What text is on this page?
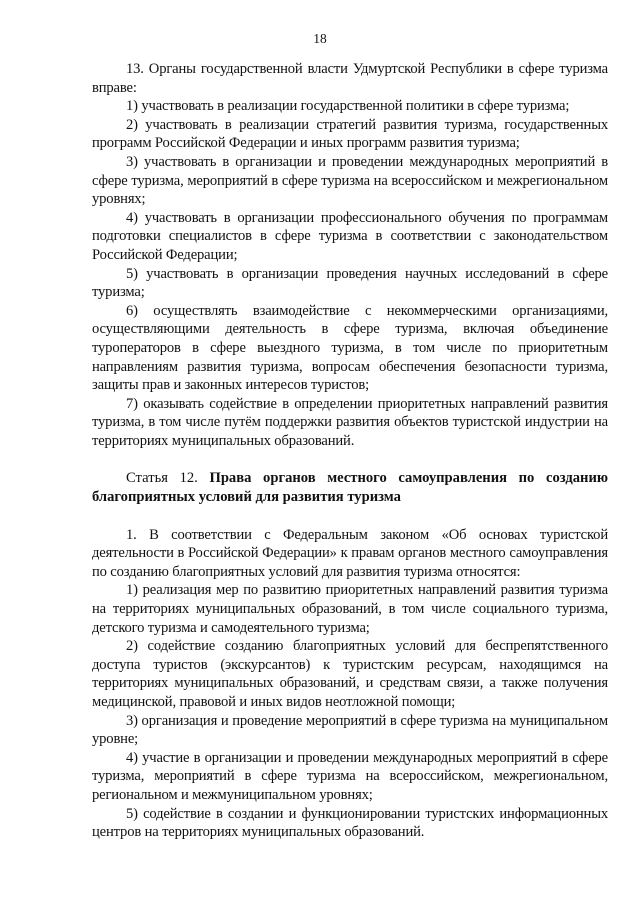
18

13. Органы государственной власти Удмуртской Республики в сфере туризма вправе:

1) участвовать в реализации государственной политики в сфере туризма;

2) участвовать в реализации стратегий развития туризма, государственных программ Российской Федерации и иных программ развития туризма;

3) участвовать в организации и проведении международных мероприятий в сфере туризма, мероприятий в сфере туризма на всероссийском и межрегиональном уровнях;

4) участвовать в организации профессионального обучения по программам подготовки специалистов в сфере туризма в соответствии с законодательством Российской Федерации;

5) участвовать в организации проведения научных исследований в сфере туризма;

6) осуществлять взаимодействие с некоммерческими организациями, осуществляющими деятельность в сфере туризма, включая объединение туроператоров в сфере выездного туризма, в том числе по приоритетным направлениям развития туризма, вопросам обеспечения безопасности туризма, защиты прав и законных интересов туристов;

7) оказывать содействие в определении приоритетных направлений развития туризма, в том числе путём поддержки развития объектов туристской индустрии на территориях муниципальных образований.

Статья 12. Права органов местного самоуправления по созданию благоприятных условий для развития туризма

1. В соответствии с Федеральным законом «Об основах туристской деятельности в Российской Федерации» к правам органов местного самоуправления по созданию благоприятных условий для развития туризма относятся:

1) реализация мер по развитию приоритетных направлений развития туризма на территориях муниципальных образований, в том числе социального туризма, детского туризма и самодеятельного туризма;

2) содействие созданию благоприятных условий для беспрепятственного доступа туристов (экскурсантов) к туристским ресурсам, находящимся на территориях муниципальных образований, и средствам связи, а также получения медицинской, правовой и иных видов неотложной помощи;

3) организация и проведение мероприятий в сфере туризма на муниципальном уровне;

4) участие в организации и проведении международных мероприятий в сфере туризма, мероприятий в сфере туризма на всероссийском, межрегиональном, региональном и межмуниципальном уровнях;

5) содействие в создании и функционировании туристских информационных центров на территориях муниципальных образований.
